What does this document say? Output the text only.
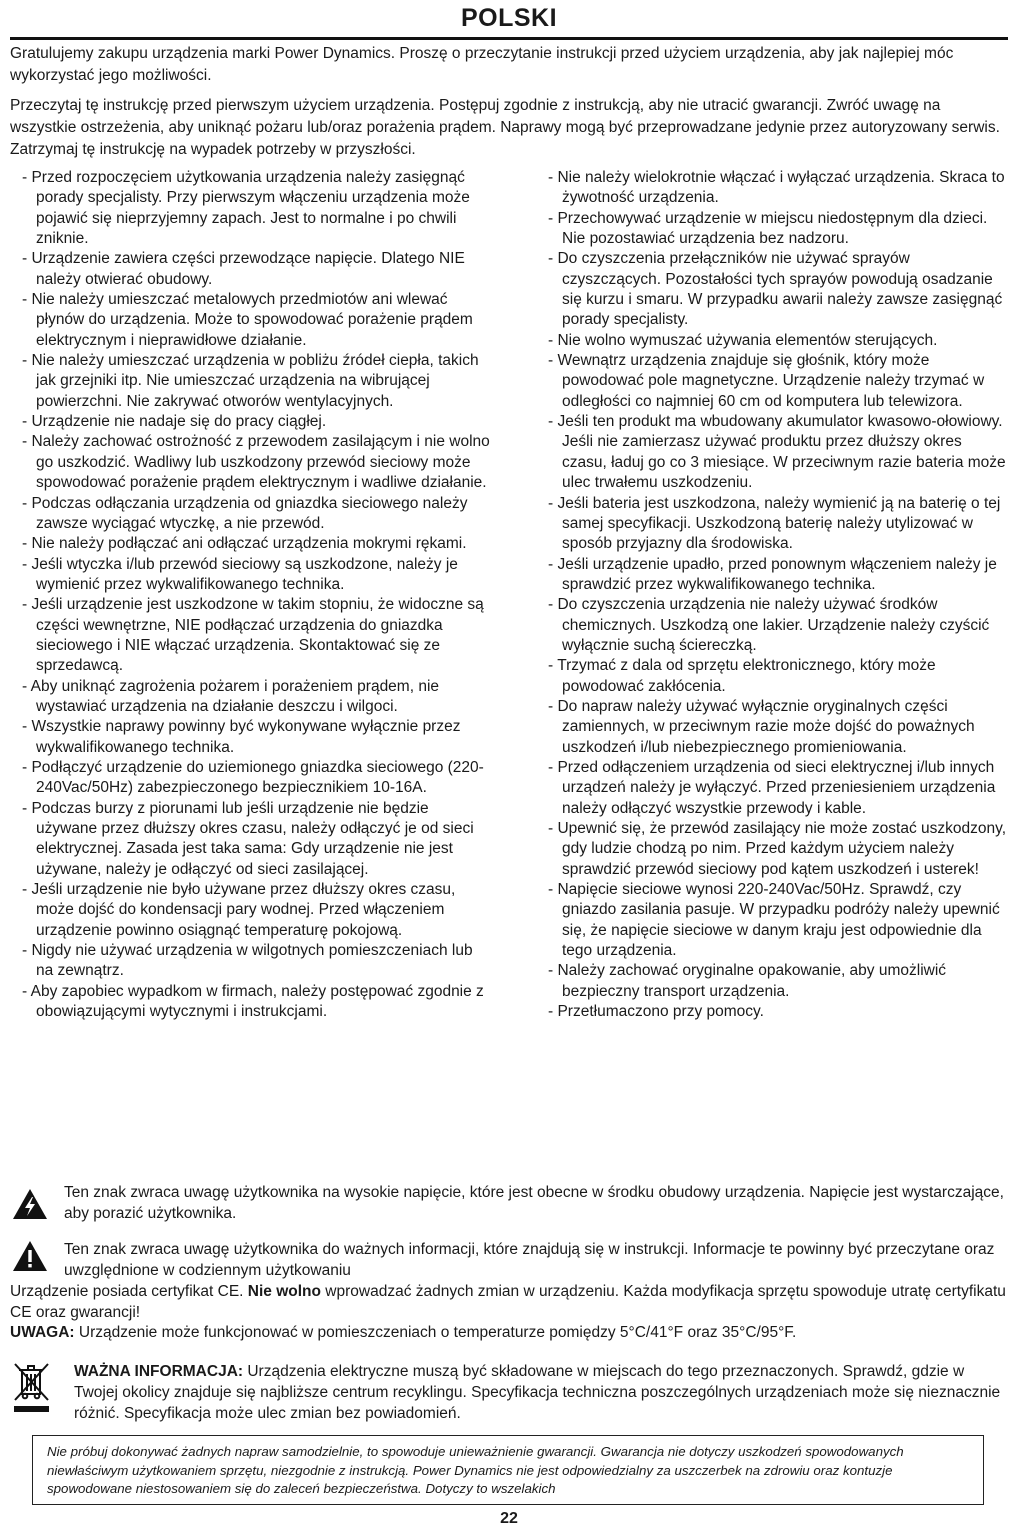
POLSKI
Gratulujemy zakupu urządzenia marki Power Dynamics. Proszę o przeczytanie instrukcji przed użyciem urządzenia, aby jak najlepiej móc wykorzystać jego możliwości.
Przeczytaj tę instrukcję przed pierwszym użyciem urządzenia. Postępuj zgodnie z instrukcją, aby nie utracić gwarancji. Zwróć uwagę na wszystkie ostrzeżenia, aby uniknąć pożaru lub/oraz porażenia prądem. Naprawy mogą być przeprowadzane jedynie przez autoryzowany serwis. Zatrzymaj tę instrukcję na wypadek potrzeby w przyszłości.
- Przed rozpoczęciem użytkowania urządzenia należy zasięgnąć porady specjalisty. Przy pierwszym włączeniu urządzenia może pojawić się nieprzyjemny zapach. Jest to normalne i po chwili zniknie.
- Urządzenie zawiera części przewodzące napięcie. Dlatego NIE należy otwierać obudowy.
- Nie należy umieszczać metalowych przedmiotów ani wlewać płynów do urządzenia. Może to spowodować porażenie prądem elektrycznym i nieprawidłowe działanie.
- Nie należy umieszczać urządzenia w pobliżu źródeł ciepła, takich jak grzejniki itp. Nie umieszczać urządzenia na wibrującej powierzchni. Nie zakrywać otworów wentylacyjnych.
- Urządzenie nie nadaje się do pracy ciągłej.
- Należy zachować ostrożność z przewodem zasilającym i nie wolno go uszkodzić. Wadliwy lub uszkodzony przewód sieciowy może spowodować porażenie prądem elektrycznym i wadliwe działanie.
- Podczas odłączania urządzenia od gniazdka sieciowego należy zawsze wyciągać wtyczkę, a nie przewód.
- Nie należy podłączać ani odłączać urządzenia mokrymi rękami.
- Jeśli wtyczka i/lub przewód sieciowy są uszkodzone, należy je wymienić przez wykwalifikowanego technika.
- Jeśli urządzenie jest uszkodzone w takim stopniu, że widoczne są części wewnętrzne, NIE podłączać urządzenia do gniazdka sieciowego i NIE włączać urządzenia. Skontaktować się ze sprzedawcą.
- Aby uniknąć zagrożenia pożarem i porażeniem prądem, nie wystawiać urządzenia na działanie deszczu i wilgoci.
- Wszystkie naprawy powinny być wykonywane wyłącznie przez wykwalifikowanego technika.
- Podłączyć urządzenie do uziemionego gniazdka sieciowego (220-240Vac/50Hz) zabezpieczonego bezpiecznikiem 10-16A.
- Podczas burzy z piorunami lub jeśli urządzenie nie będzie używane przez dłuższy okres czasu, należy odłączyć je od sieci elektrycznej. Zasada jest taka sama: Gdy urządzenie nie jest używane, należy je odłączyć od sieci zasilającej.
- Jeśli urządzenie nie było używane przez dłuższy okres czasu, może dojść do kondensacji pary wodnej. Przed włączeniem urządzenie powinno osiągnąć temperaturę pokojową.
- Nigdy nie używać urządzenia w wilgotnych pomieszczeniach lub na zewnątrz.
- Aby zapobiec wypadkom w firmach, należy postępować zgodnie z obowiązującymi wytycznymi i instrukcjami.
- Nie należy wielokrotnie włączać i wyłączać urządzenia. Skraca to żywotność urządzenia.
- Przechowywać urządzenie w miejscu niedostępnym dla dzieci. Nie pozostawiać urządzenia bez nadzoru.
- Do czyszczenia przełączników nie używać sprayów czyszczących. Pozostałości tych sprayów powodują osadzanie się kurzu i smaru. W przypadku awarii należy zawsze zasięgnąć porady specjalisty.
- Nie wolno wymuszać używania elementów sterujących.
- Wewnątrz urządzenia znajduje się głośnik, który może powodować pole magnetyczne. Urządzenie należy trzymać w odległości co najmniej 60 cm od komputera lub telewizora.
- Jeśli ten produkt ma wbudowany akumulator kwasowo-ołowiowy. Jeśli nie zamierzasz używać produktu przez dłuższy okres czasu, ładuj go co 3 miesiące. W przeciwnym razie bateria może ulec trwałemu uszkodzeniu.
- Jeśli bateria jest uszkodzona, należy wymienić ją na baterię o tej samej specyfikacji. Uszkodzoną baterię należy utylizować w sposób przyjazny dla środowiska.
- Jeśli urządzenie upadło, przed ponownym włączeniem należy je sprawdzić przez wykwalifikowanego technika.
- Do czyszczenia urządzenia nie należy używać środków chemicznych. Uszkodzą one lakier. Urządzenie należy czyścić wyłącznie suchą ściereczką.
- Trzymać z dala od sprzętu elektronicznego, który może powodować zakłócenia.
- Do napraw należy używać wyłącznie oryginalnych części zamiennych, w przeciwnym razie może dojść do poważnych uszkodzeń i/lub niebezpiecznego promieniowania.
- Przed odłączeniem urządzenia od sieci elektrycznej i/lub innych urządzeń należy je wyłączyć. Przed przeniesieniem urządzenia należy odłączyć wszystkie przewody i kable.
- Upewnić się, że przewód zasilający nie może zostać uszkodzony, gdy ludzie chodzą po nim. Przed każdym użyciem należy sprawdzić przewód sieciowy pod kątem uszkodzeń i usterek!
- Napięcie sieciowe wynosi 220-240Vac/50Hz. Sprawdź, czy gniazdo zasilania pasuje. W przypadku podróży należy upewnić się, że napięcie sieciowe w danym kraju jest odpowiednie dla tego urządzenia.
- Należy zachować oryginalne opakowanie, aby umożliwić bezpieczny transport urządzenia.
- Przetłumaczono przy pomocy.
Ten znak zwraca uwagę użytkownika na wysokie napięcie, które jest obecne w środku obudowy urządzenia. Napięcie jest wystarczające, aby porazić użytkownika.
Ten znak zwraca uwagę użytkownika do ważnych informacji, które znajdują się w instrukcji. Informacje te powinny być przeczytane oraz uwzględnione w codziennym użytkowaniu
Urządzenie posiada certyfikat CE. Nie wolno wprowadzać żadnych zmian w urządzeniu. Każda modyfikacja sprzętu spowoduje utratę certyfikatu CE oraz gwarancji!
UWAGA: Urządzenie może funkcjonować w pomieszczeniach o temperaturze pomiędzy 5°C/41°F oraz 35°C/95°F.
WAŻNA INFORMACJA: Urządzenia elektryczne muszą być składowane w miejscach do tego przeznaczonych. Sprawdź, gdzie w Twojej okolicy znajduje się najbliższe centrum recyklingu. Specyfikacja techniczna poszczególnych urządzeniach może się nieznacznie różnić. Specyfikacja może ulec zmian bez powiadomień.
Nie próbuj dokonywać żadnych napraw samodzielnie, to spowoduje unieważnienie gwarancji. Gwarancja nie dotyczy uszkodzeń spowodowanych niewłaściwym użytkowaniem sprzętu, niezgodnie z instrukcją. Power Dynamics nie jest odpowiedzialny za uszczerbek na zdrowiu oraz kontuzje spowodowane niestosowaniem się do zaleceń bezpieczeństwa. Dotyczy to wszelakich
22
